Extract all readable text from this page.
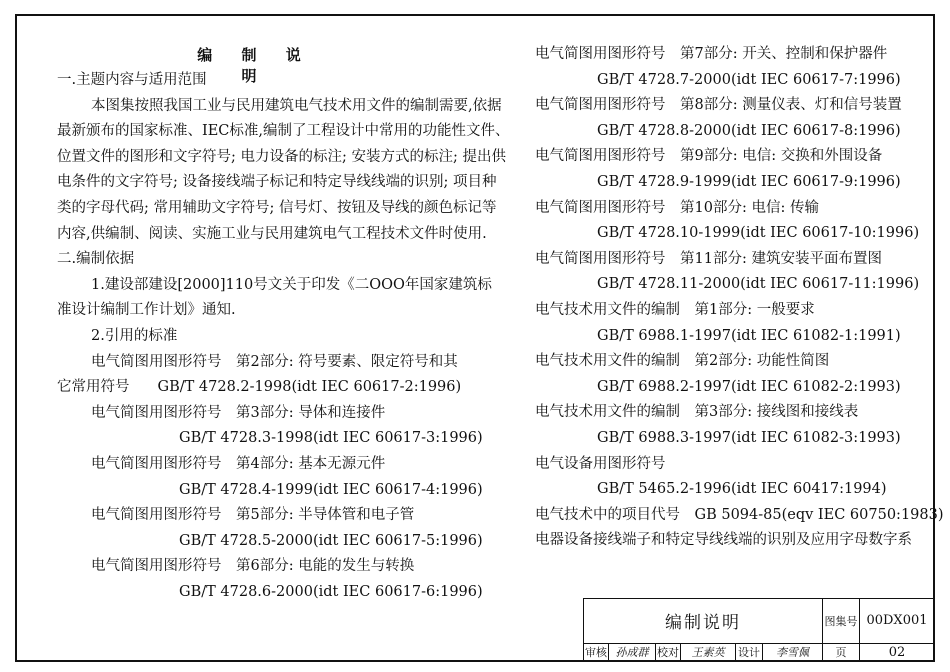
编 制 说 明
一.主题内容与适用范围
本图集按照我国工业与民用建筑电气技术用文件的编制需要,依据
最新颁布的国家标准、IEC标准,编制了工程设计中常用的功能性文件、
位置文件的图形和文字符号; 电力设备的标注; 安装方式的标注; 提出供
电条件的文字符号; 设备接线端子标记和特定导线线端的识别; 项目种
类的字母代码; 常用辅助文字符号; 信号灯、按钮及导线的颜色标记等
内容,供编制、阅读、实施工业与民用建筑电气工程技术文件时使用.
二.编制依据
1.建设部建设[2000]110号文关于印发《二OOO年国家建筑标
准设计编制工作计划》通知.
2.引用的标准
电气简图用图形符号　第2部分: 符号要素、限定符号和其
它常用符号 GB/T 4728.2-1998(idt IEC 60617-2:1996)
电气简图用图形符号　第3部分: 导体和连接件
GB/T 4728.3-1998(idt IEC 60617-3:1996)
电气简图用图形符号　第4部分: 基本无源元件
GB/T 4728.4-1999(idt IEC 60617-4:1996)
电气简图用图形符号　第5部分: 半导体管和电子管
GB/T 4728.5-2000(idt IEC 60617-5:1996)
电气简图用图形符号　第6部分: 电能的发生与转换
GB/T 4728.6-2000(idt IEC 60617-6:1996)
电气简图用图形符号　第7部分: 开关、控制和保护器件
GB/T 4728.7-2000(idt IEC 60617-7:1996)
电气简图用图形符号　第8部分: 测量仪表、灯和信号装置
GB/T 4728.8-2000(idt IEC 60617-8:1996)
电气简图用图形符号　第9部分: 电信: 交换和外围设备
GB/T 4728.9-1999(idt IEC 60617-9:1996)
电气简图用图形符号　第10部分: 电信: 传输
GB/T 4728.10-1999(idt IEC 60617-10:1996)
电气简图用图形符号　第11部分: 建筑安装平面布置图
GB/T 4728.11-2000(idt IEC 60617-11:1996)
电气技术用文件的编制　第1部分: 一般要求
GB/T 6988.1-1997(idt IEC 61082-1:1991)
电气技术用文件的编制　第2部分: 功能性简图
GB/T 6988.2-1997(idt IEC 61082-2:1993)
电气技术用文件的编制　第3部分: 接线图和接线表
GB/T 6988.3-1997(idt IEC 61082-3:1993)
电气设备用图形符号
GB/T 5465.2-1996(idt IEC 60417:1994)
电气技术中的项目代号　GB 5094-85(eqv IEC 60750:1983)
电器设备接线端子和特定导线线端的识别及应用字母数字系
编制说明						图集号	00DX001
审核	孙成群	校对	王素英	设计	李雪佩	页	02
